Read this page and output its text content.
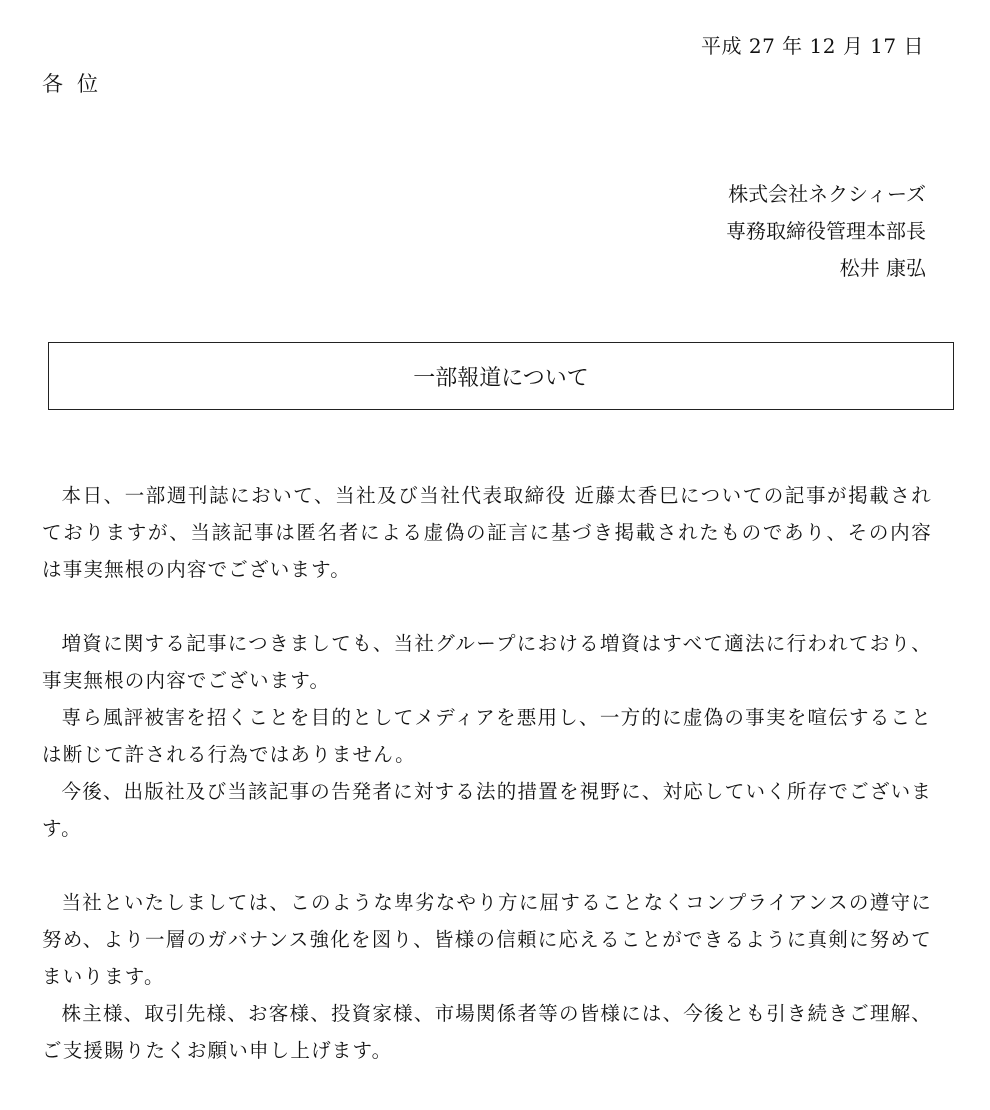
平成 27 年 12 月 17 日
各位
株式会社ネクシィーズ
専務取締役管理本部長
松井 康弘
一部報道について

本日、一部週刊誌において、当社及び当社代表取締役 近藤太香巳についての記事が掲載されておりますが、当該記事は匿名者による虚偽の証言に基づき掲載されたものであり、その内容は事実無根の内容でございます。

増資に関する記事につきましても、当社グループにおける増資はすべて適法に行われており、事実無根の内容でございます。

専ら風評被害を招くことを目的としてメディアを悪用し、一方的に虚偽の事実を喧伝することは断じて許される行為ではありません。

今後、出版社及び当該記事の告発者に対する法的措置を視野に、対応していく所存でございます。

当社といたしましては、このような卑劣なやり方に屈することなくコンプライアンスの遵守に努め、より一層のガバナンス強化を図り、皆様の信頼に応えることができるように真剣に努めてまいります。

株主様、取引先様、お客様、投資家様、市場関係者等の皆様には、今後とも引き続きご理解、ご支援賜りたくお願い申し上げます。
